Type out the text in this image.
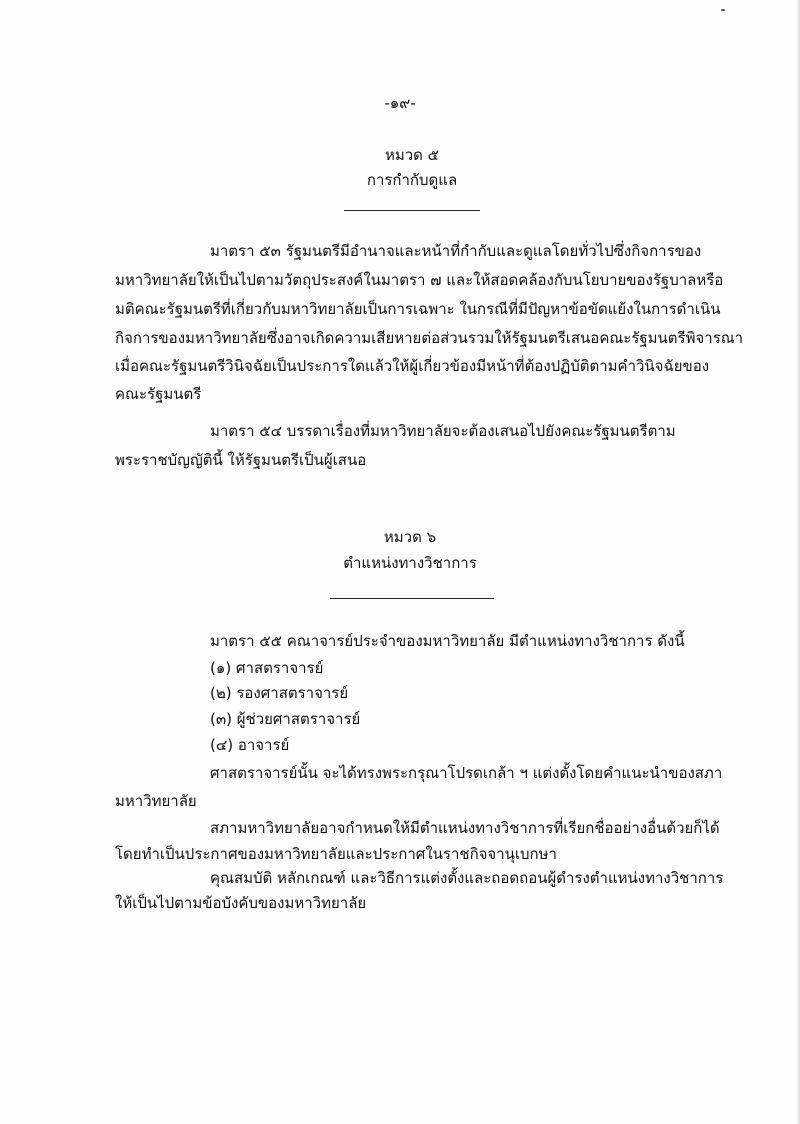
-๑๙-
หมวด ๕
การกำกับดูแล
มาตรา ๕๓ รัฐมนตรีมีอำนาจและหน้าที่กำกับและดูแลโดยทั่วไปซึ่งกิจการของ
มหาวิทยาลัยให้เป็นไปตามวัตถุประสงค์ในมาตรา ๗ และให้สอดคล้องกับนโยบายของรัฐบาลหรือ
มติคณะรัฐมนตรีที่เกี่ยวกับมหาวิทยาลัยเป็นการเฉพาะ ในกรณีที่มีปัญหาข้อขัดแย้งในการดำเนิน
กิจการของมหาวิทยาลัยซึ่งอาจเกิดความเสียหายต่อส่วนรวมให้รัฐมนตรีเสนอคณะรัฐมนตรีพิจารณา
เมื่อคณะรัฐมนตรีวินิจฉัยเป็นประการใดแล้วให้ผู้เกี่ยวข้องมีหน้าที่ต้องปฏิบัติตามคำวินิจฉัยของ
คณะรัฐมนตรี
มาตรา ๕๔ บรรดาเรื่องที่มหาวิทยาลัยจะต้องเสนอไปยังคณะรัฐมนตรีตาม
พระราชบัญญัตินี้ ให้รัฐมนตรีเป็นผู้เสนอ
หมวด ๖
ตำแหน่งทางวิชาการ
มาตรา ๕๕ คณาจารย์ประจำของมหาวิทยาลัย มีตำแหน่งทางวิชาการ ดังนี้
(๑) ศาสตราจารย์
(๒) รองศาสตราจารย์
(๓) ผู้ช่วยศาสตราจารย์
(๔) อาจารย์
ศาสตราจารย์นั้น จะได้ทรงพระกรุณาโปรดเกล้า ฯ แต่งตั้งโดยคำแนะนำของสภา
มหาวิทยาลัย
สภามหาวิทยาลัยอาจกำหนดให้มีตำแหน่งทางวิชาการที่เรียกชื่ออย่างอื่นด้วยก็ได้
โดยทำเป็นประกาศของมหาวิทยาลัยและประกาศในราชกิจจานุเบกษา
คุณสมบัติ หลักเกณฑ์ และวิธีการแต่งตั้งและถอดถอนผู้ดำรงตำแหน่งทางวิชาการ
ให้เป็นไปตามข้อบังคับของมหาวิทยาลัย
